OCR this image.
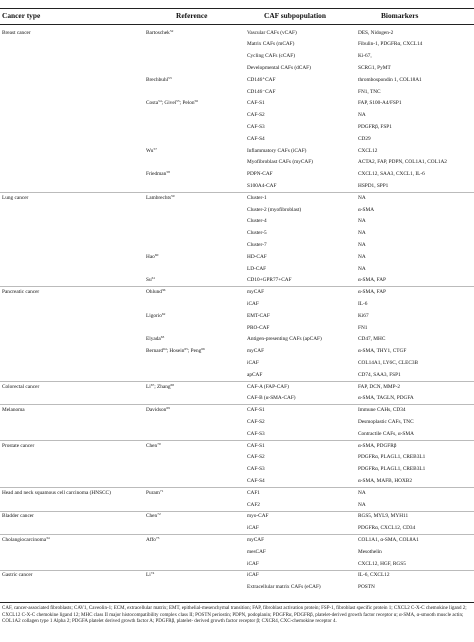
Cancer type	Reference	CAF subpopulation	Biomarkers
Breast cancer	Bartoschek$^{52}$	Vascular CAFs (vCAF)	DES, Nidogen-2
Matrix CAFs (mCAF)	Fibulin-1, PDGFRα, CXCL14
Cycling CAFs (cCAF)	Ki-67,
Developmental CAFs (dCAF)	SCRG1, PyMT
Brechbuhl$^{53}$	CD146⁺CAF	thrombospondin 1, COL18A1
CD146⁻CAF	FN1, TNC
Costa$^{54}$; Givel$^{55}$; Pelon$^{56}$	CAF-S1	FAP, S100-A4/FSP1
CAF-S2	NA
CAF-S3	PDGFRβ, FSP1
CAF-S4	CD29
Wu$^{57}$	Inflammatory CAFs (iCAF)	CXCL12
Myofibroblast CAFs (myCAF)	ACTA2, FAP, PDPN, COL1A1, COL1A2
Friedman$^{58}$	PDPN-CAF	CXCL12, SAA3, CXCL1, IL-6
S100A4-CAF	HSPD1, SPP1
Lung cancer	Lambrechts$^{59}$	Cluster-1	NA
Cluster-2 (myofibroblast)	α-SMA
Cluster-4	NA
Cluster-5	NA
Cluster-7	NA
Hao$^{60}$	HD-CAF	NA
LD-CAF	NA
Su$^{61}$	CD10+GPR77+CAF	α-SMA, FAP
Pancreatic cancer	Öhlund$^{36}$	myCAF	α-SMA, FAP
iCAF	IL-6
Ligorio$^{62}$	EMT-CAF	Ki67
PRO-CAF	FN1
Elyada$^{63}$	Antigen-presenting CAFs (apCAF)	CD47, MHC
Bernard$^{64}$; Hosein$^{65}$; Peng$^{66}$	myCAF	α-SMA, THY1, CTGF
iCAF	COL14A1, LY6C, CLEC3B
apCAF	CD74, SAA3, FSP1
Colorectal cancer	Li$^{67}$; Zhang$^{68}$	CAF-A (FAP-CAF)	FAP, DCN, MMP-2
CAF-B (α-SMA-CAF)	α-SMA, TAGLN, PDGFA
Melanoma	Davidson$^{69}$	CAF-S1	Immune CAHs, CD34
CAF-S2	Desmoplastic CAFs, TNC
CAF-S3	Contractile CAFs, α-SMA
Prostate cancer	Chen$^{70}$	CAF-S1	α-SMA, PDGFRβ
CAF-S2	PDGFRα, PLAGL1, CREB3L1
CAF-S3	PDGFRα, PLAGL1, CREB3L1
CAF-S4	α-SMA, MAFB, HOXB2
Head and neck squamous cell carcinoma (HNSCC)	Puram$^{71}$	CAF1	NA
CAF2	NA
Bladder cancer	Chen$^{72}$	myo-CAF	RGS5, MYL9, MYH11
iCAF	PDGFRα, CXCL12, CD34
Cholangiocarcinoma$^{34}$	Affo$^{73}$	myCAF	COL1A1, α-SMA, COL8A1
mesCAF	Mesothelin
iCAF	CXCL12, HGF, RGS5
Gastric cancer	Li$^{74}$	iCAF	IL-6, CXCL12
Extracellular matrix CAFs (eCAF)	POSTN
CAF, cancer-associated fibroblasts; CAV1, Caveolin-1; ECM, extracellular matrix; EMT, epithelial-mesenchymal transition; FAP, fibroblast activation protein; FSP-1, fibroblast specific protein 1; CXCL2 C-X-C chemokine ligand 2; CXCL12 C-X-C chemokine ligand 12; MHC class II major histocompatibility complex class II; POSTN periostin; PDPN, podoplanin; PDGFRα, PDGFRβ, platelet-derived growth factor receptor α; α-SMA, α-smooth muscle actin; COL1A2 collagen type 1 Alpha 2; PDGFA platelet derived growth factor A; PDGFRβ, platelet- derived growth factor receptor β; CXCR4, CXC-chemokine receptor 4.
